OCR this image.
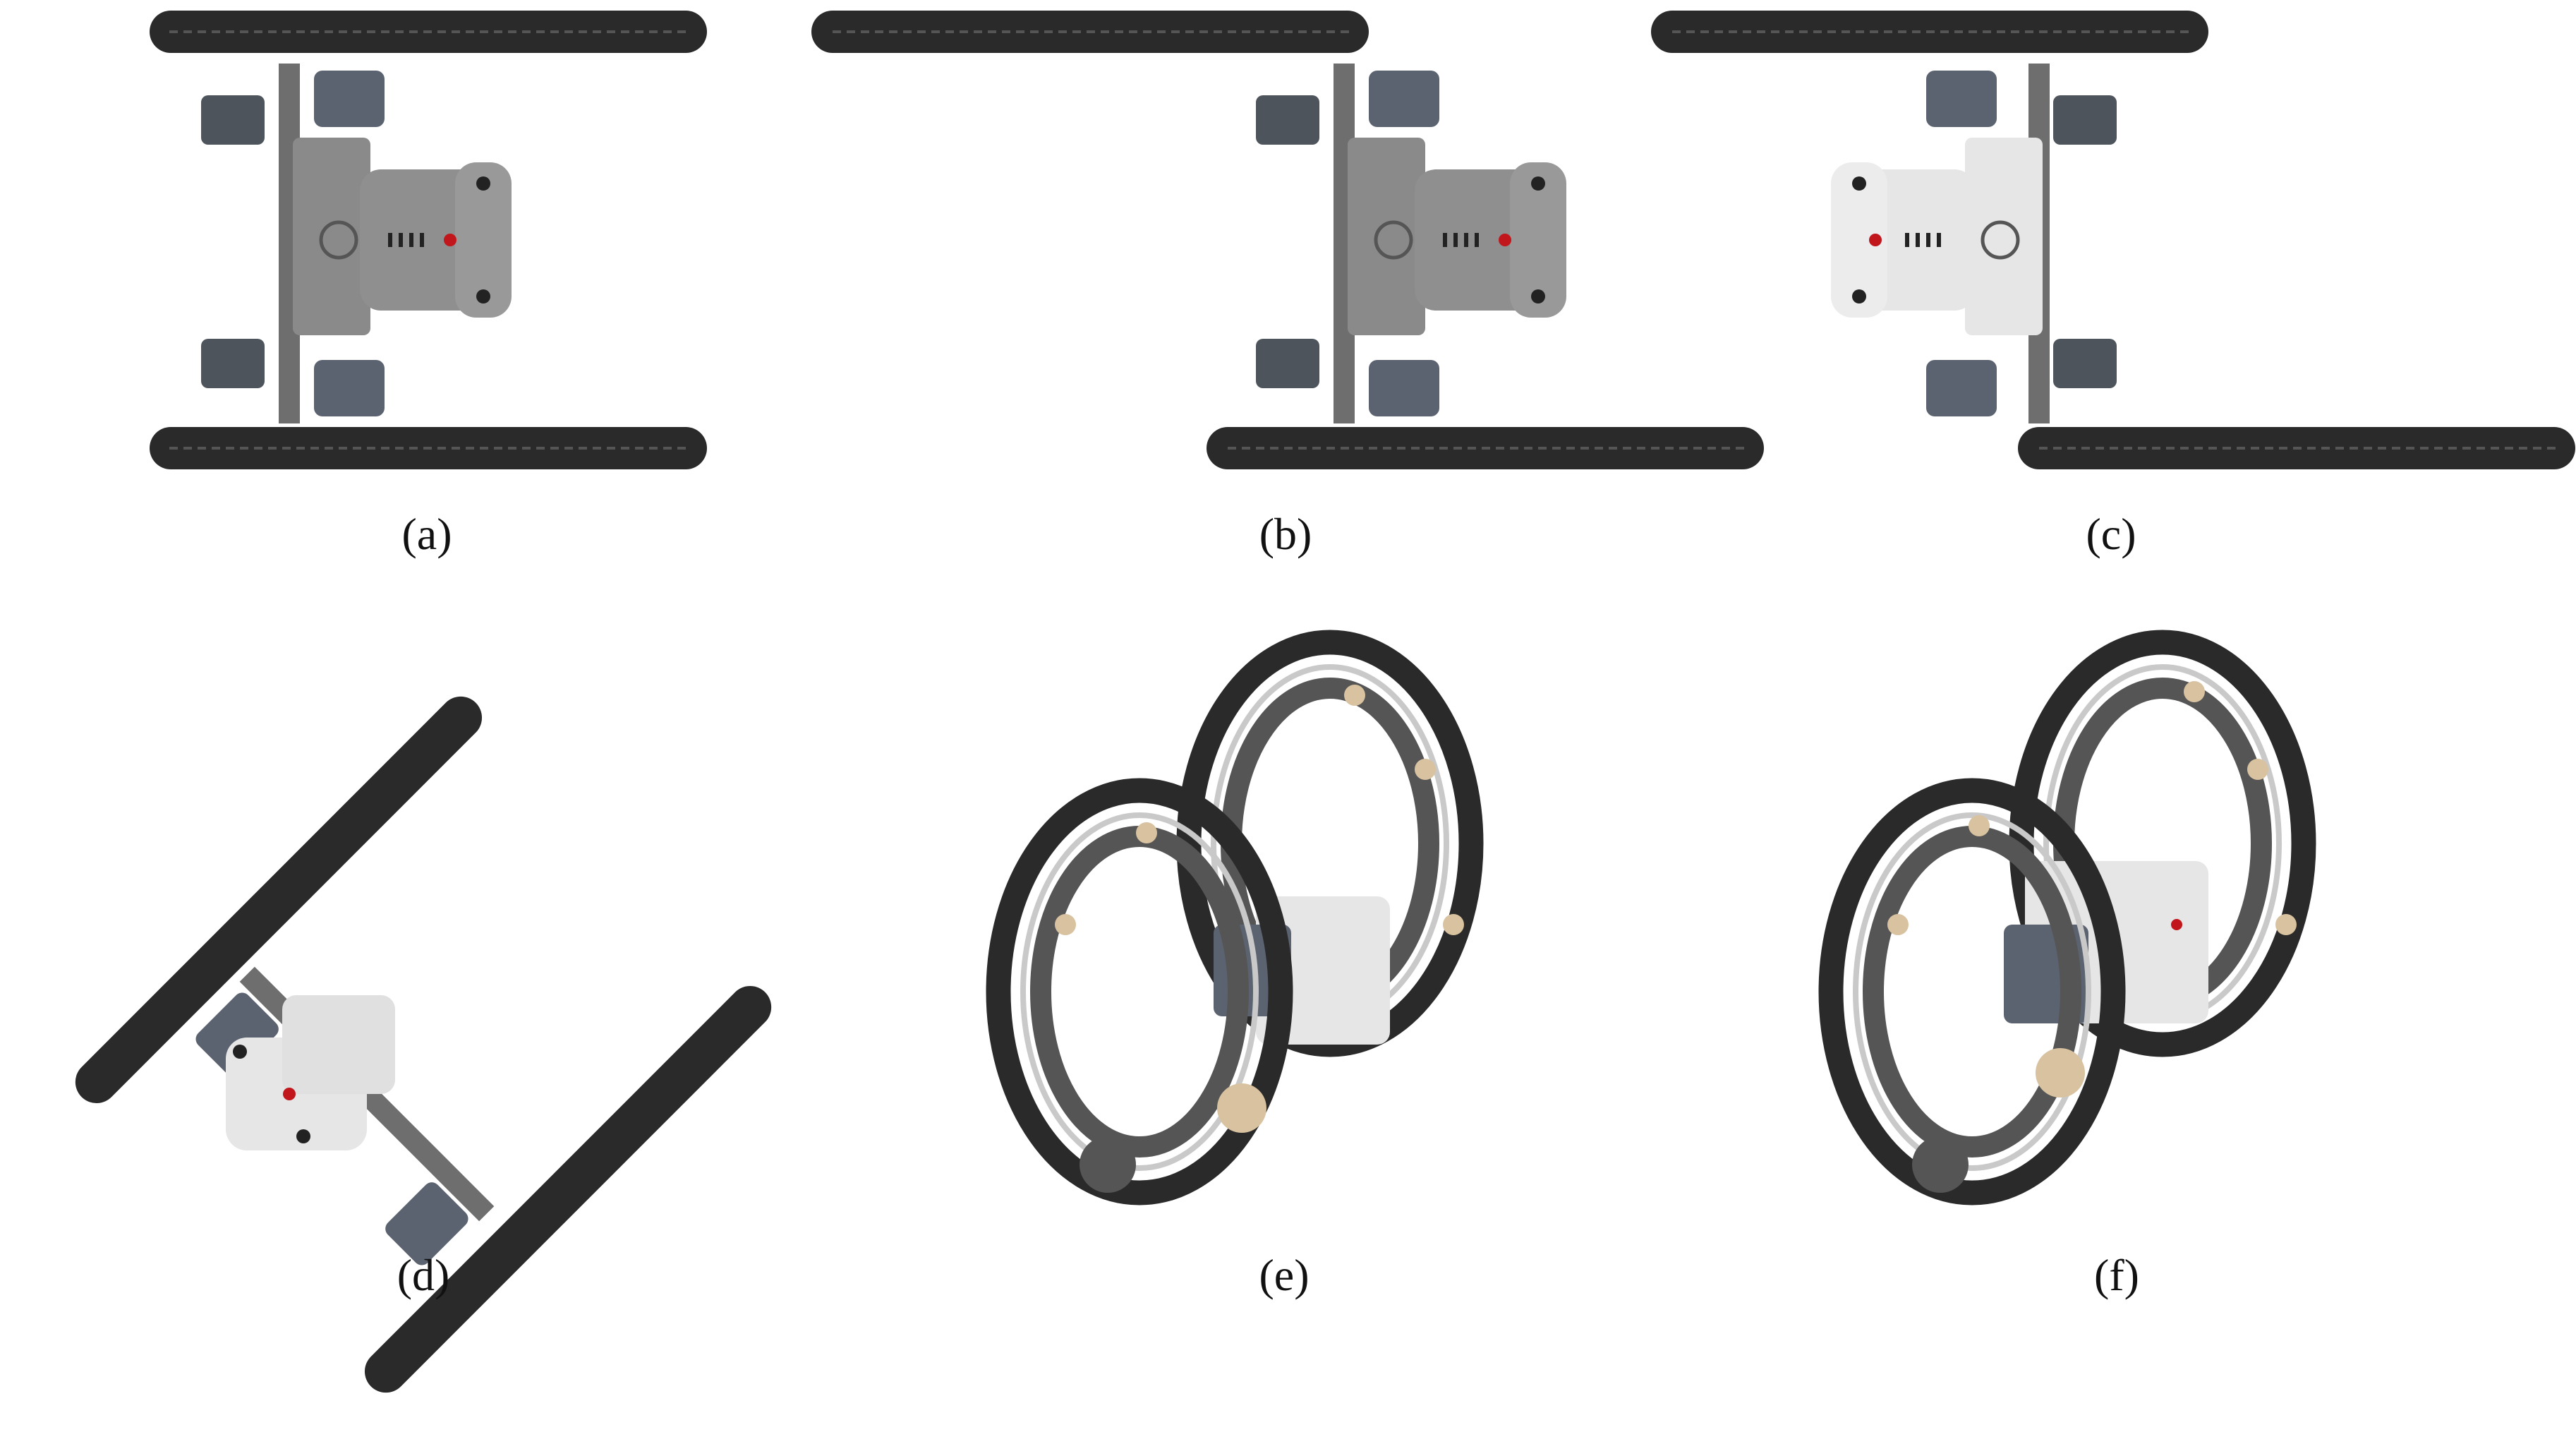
(a)	(b)	(c)
(d)	(e)	(f)
